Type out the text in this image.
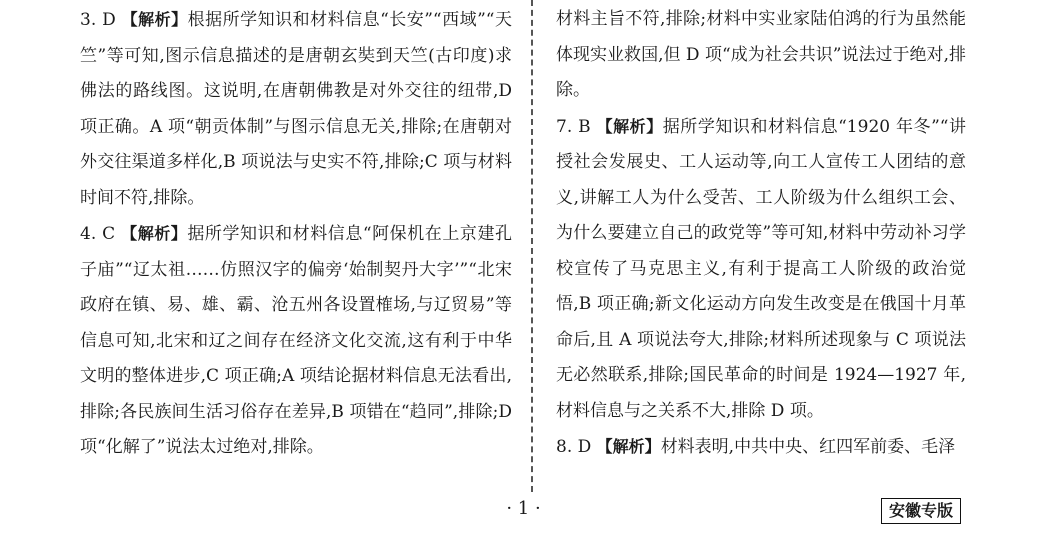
3. D 【解析】根据所学知识和材料信息“长安”“西域”“天竺”等可知,图示信息描述的是唐朝玄奘到天竺(古印度)求佛法的路线图。这说明,在唐朝佛教是对外交往的纽带,D 项正确。A 项“朝贡体制”与图示信息无关,排除;在唐朝对外交往渠道多样化,B 项说法与史实不符,排除;C 项与材料时间不符,排除。

4. C 【解析】据所学知识和材料信息“阿保机在上京建孔子庙”“辽太祖……仿照汉字的偏旁‘始制契丹大字’”“北宋政府在镇、易、雄、霸、沧五州各设置榷场,与辽贸易”等信息可知,北宋和辽之间存在经济文化交流,这有利于中华文明的整体进步,C 项正确;A 项结论据材料信息无法看出,排除;各民族间生活习俗存在差异,B 项错在“趋同”,排除;D 项“化解了”说法太过绝对,排除。

材料主旨不符,排除;材料中实业家陆伯鸿的行为虽然能体现实业救国,但 D 项“成为社会共识”说法过于绝对,排除。

7. B 【解析】据所学知识和材料信息“1920 年冬”“讲授社会发展史、工人运动等,向工人宣传工人团结的意义,讲解工人为什么受苦、工人阶级为什么组织工会、为什么要建立自己的政党等”等可知,材料中劳动补习学校宣传了马克思主义,有利于提高工人阶级的政治觉悟,B 项正确;新文化运动方向发生改变是在俄国十月革命后,且 A 项说法夸大,排除;材料所述现象与 C 项说法无必然联系,排除;国民革命的时间是 1924—1927 年,材料信息与之关系不大,排除 D 项。

8. D 【解析】材料表明,中共中央、红四军前委、毛泽

· 1 ·	安徽专版
